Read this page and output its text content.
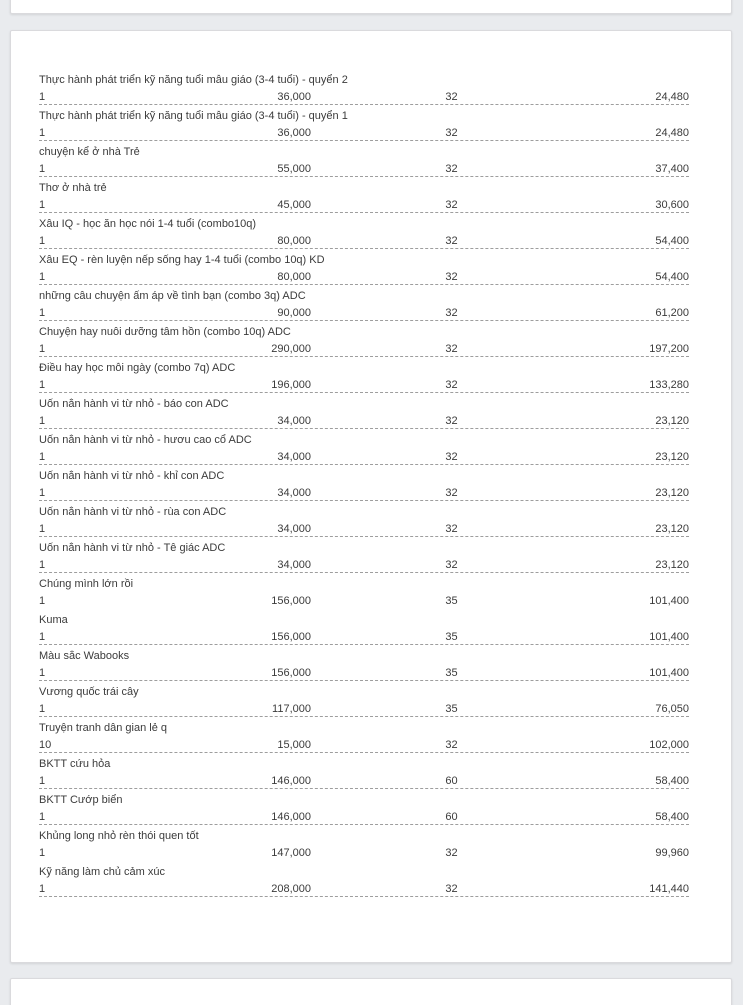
Thực hành phát triển kỹ năng tuổi mẫu giáo (3-4 tuổi) - quyển 2
1	36,000	32	24,480
Thực hành phát triển kỹ năng tuổi mẫu giáo (3-4 tuổi) - quyển 1
1	36,000	32	24,480
chuyện kể ở nhà Trẻ
1	55,000	32	37,400
Thơ ở nhà trẻ
1	45,000	32	30,600
Xâu IQ - học ăn học nói 1-4 tuổi (combo10q)
1	80,000	32	54,400
Xâu EQ - rèn luyện nếp sống hay 1-4 tuổi (combo 10q) KD
1	80,000	32	54,400
những câu chuyện ấm áp về tình bạn (combo 3q) ADC
1	90,000	32	61,200
Chuyện hay nuôi dưỡng tâm hồn (combo 10q) ADC
1	290,000	32	197,200
Điều hay học mỗi ngày (combo 7q) ADC
1	196,000	32	133,280
Uốn nắn hành vi từ nhỏ - báo con ADC
1	34,000	32	23,120
Uốn nắn hành vi từ nhỏ - hươu cao cổ ADC
1	34,000	32	23,120
Uốn nắn hành vi từ nhỏ - khỉ con ADC
1	34,000	32	23,120
Uốn nắn hành vi từ nhỏ - rùa con ADC
1	34,000	32	23,120
Uốn nắn hành vi từ nhỏ - Tê giác ADC
1	34,000	32	23,120
Chúng mình lớn rồi
1	156,000	35	101,400
Kuma
1	156,000	35	101,400
Màu sắc Wabooks
1	156,000	35	101,400
Vương quốc trái cây
1	117,000	35	76,050
Truyện tranh dân gian lẻ q
10	15,000	32	102,000
BKTT cứu hỏa
1	146,000	60	58,400
BKTT Cướp biển
1	146,000	60	58,400
Khủng long nhỏ rèn thói quen tốt
1	147,000	32	99,960
Kỹ năng làm chủ cảm xúc
1	208,000	32	141,440
